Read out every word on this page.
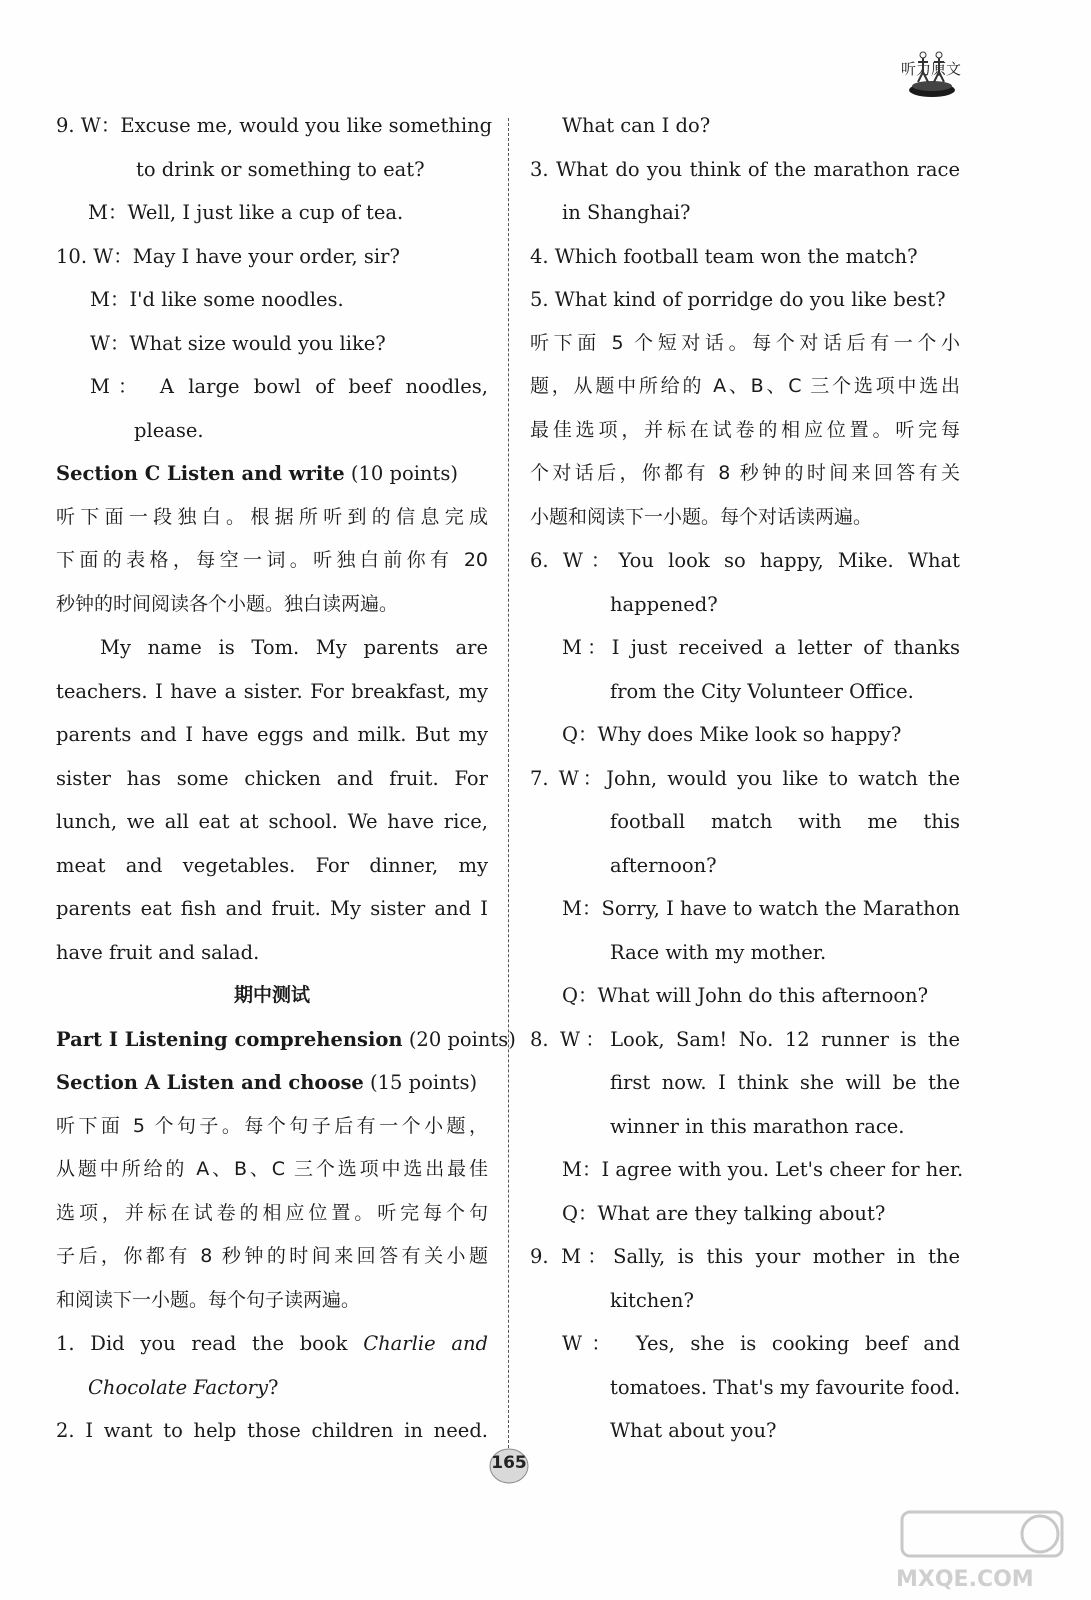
听力原文
9. W：Excuse me, would you like something
to drink or something to eat?
M：Well, I just like a cup of tea.
10. W：May I have your order, sir?
M：I'd like some noodles.
W：What size would you like?
M： A large bowl of beef noodles,
please.
Section C Listen and write (10 points)
听下面一段独白。根据所听到的信息完成
下面的表格，每空一词。听独白前你有 20
秒钟的时间阅读各个小题。独白读两遍。
My name is Tom. My parents are
teachers. I have a sister. For breakfast, my
parents and I have eggs and milk. But my
sister has some chicken and fruit. For
lunch, we all eat at school. We have rice,
meat and vegetables. For dinner, my
parents eat fish and fruit. My sister and I
have fruit and salad.
期中测试
Part Ⅰ Listening comprehension (20 points)
Section A Listen and choose (15 points)
听下面 5 个句子。每个句子后有一个小题，
从题中所给的 A、B、C 三个选项中选出最佳
选项，并标在试卷的相应位置。听完每个句
子后，你都有 8 秒钟的时间来回答有关小题
和阅读下一小题。每个句子读两遍。
1. Did you read the book Charlie and
Chocolate Factory?
2. I want to help those children in need.
What can I do?
3. What do you think of the marathon race
in Shanghai?
4. Which football team won the match?
5. What kind of porridge do you like best?
听下面 5 个短对话。每个对话后有一个小
题，从题中所给的 A、B、C 三个选项中选出
最佳选项，并标在试卷的相应位置。听完每
个对话后，你都有 8 秒钟的时间来回答有关
小题和阅读下一小题。每个对话读两遍。
6. W：You look so happy, Mike. What
happened?
M：I just received a letter of thanks
from the City Volunteer Office.
Q：Why does Mike look so happy?
7. W：John, would you like to watch the
football match with me this
afternoon?
M：Sorry, I have to watch the Marathon
Race with my mother.
Q：What will John do this afternoon?
8. W：Look, Sam! No. 12 runner is the
first now. I think she will be the
winner in this marathon race.
M：I agree with you. Let's cheer for her.
Q：What are they talking about?
9. M：Sally, is this your mother in the
kitchen?
W： Yes, she is cooking beef and
tomatoes. That's my favourite food.
What about you?
165
MXQE.COM
